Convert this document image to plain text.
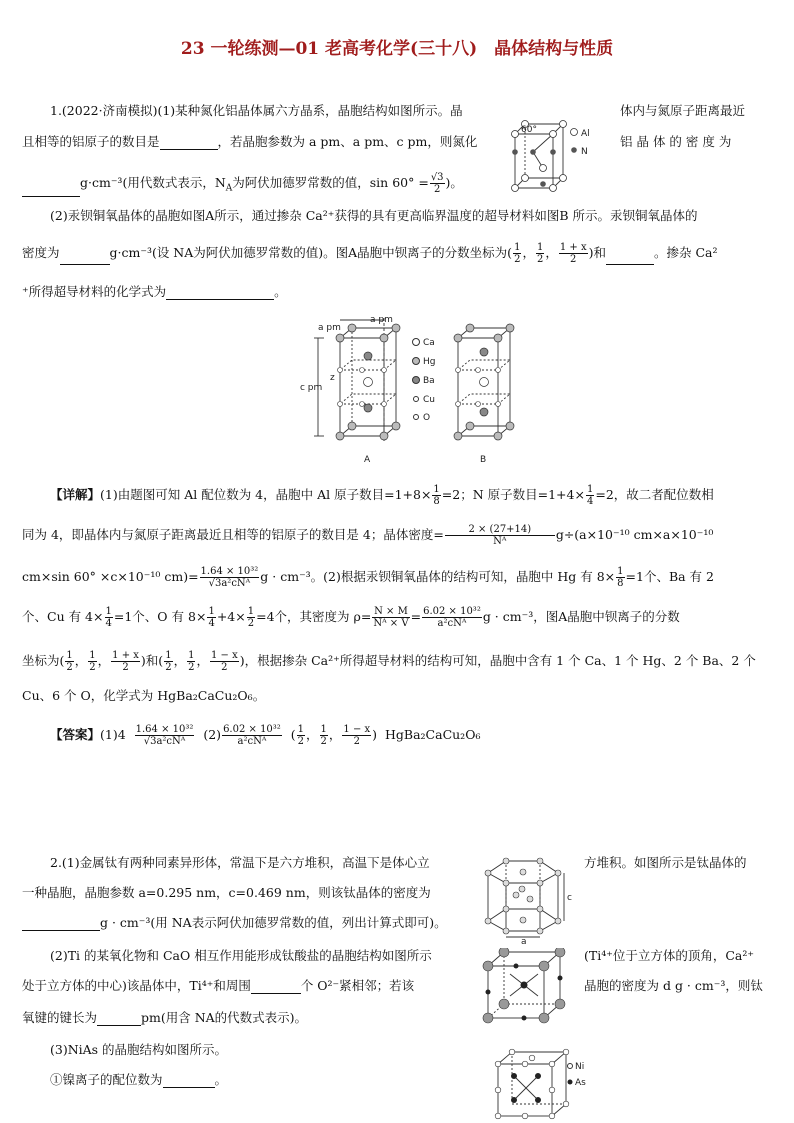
23 一轮练测—01 老高考化学(三十八)　晶体结构与性质
1.(2022·济南模拟)(1)某种氮化铝晶体属六方晶系，晶胞结构如图所示。晶	体内与氮原子距离最近
且相等的铝原子的数目是	，若晶胞参数为 a pm、a pm、c pm，则氮化	铝 晶 体 的 密 度 为
g·cm⁻³(用代数式表示，$N_A$为阿伏加德罗常数的值，$\sin 60^\circ = \frac{√3}{2}$ )。
60°	Al
N
(2)汞钡铜氧晶体的晶胞如图A所示，通过掺杂 Ca²⁺获得的具有更高临界温度的超导材料如图B 所示。汞钡铜氧晶体的
密度为	g·cm⁻³(设 NA为阿伏加德罗常数的值)。图A晶胞中钡离子的分数坐标为( $\frac{1}{2}$ ， $\frac{1}{2}$ ， $\frac{1 + x}{2}$ )和	。掺杂 Ca²
⁺所得超导材料的化学式为	。
a pm
a pm
c pm
z
A	B
Ca
Hg
Ba
Cu
O
【详解】(1)由题图可知 Al 配位数为 4，晶胞中 Al 原子数目$=1+8\times \frac{1}{8} =2$；N 原子数目$=1+4\times \frac{1}{4} =2$，故二者配位数相
同为 4，即晶体内与氮原子距离最近且相等的铝原子的数目是 4；晶体密度= $\frac{2 \times (27+14)}{\text{Nᴬ}} g\div(a\times 10^{-10}$ cm×a×10⁻¹⁰
cm×sin 60° ×c×10⁻¹⁰ $cm)= \frac{\text{1.64 × 10³²}}{\text{√3a²cNᴬ}}$ g · cm⁻³。(2)根据汞钡铜氧晶体的结构可知，晶胞中 Hg 有 $8\times \frac{1}{8} =1$个、Ba 有 2
个、Cu 有 $4\times \frac{1}{4} =1$个、O 有 $8\times \frac{1}{4} +4\times \frac{1}{2} =4$个，其密度为 $\rho= \frac{N \times M}{\text{Nᴬ × V}} = \frac{\text{6.02 × 10³²}}{\text{a²cNᴬ}}$ g · cm⁻³，图A晶胞中钡离子的分数
坐标为( $\frac{1}{2}$ ， $\frac{1}{2}$ ， $\frac{1 + x}{2}$ )和( $\frac{1}{2}$ ， $\frac{1}{2}$ ， $\frac{1 - x}{2}$ )，根据掺杂 Ca²⁺所得超导材料的结构可知，晶胞中含有 1 个 Ca、1 个 Hg、2 个 Ba、2 个
Cu、6 个 O，化学式为 HgBa₂CaCu₂O₆。
【答案】$(1)4 \frac{\text{1.64 × 10³²}}{\text{√3a²cNᴬ}} (2) \frac{\text{6.02 × 10³²}}{\text{a²cNᴬ}}$ ( $\frac{1}{2}$ ， $\frac{1}{2}$ ， $\frac{1 - x}{2}$ )  HgBa₂CaCu₂O₆
2.(1)金属钛有两种同素异形体，常温下是六方堆积，高温下是体心立	方堆积。如图所示是钛晶体的
一种晶胞，晶胞参数 a=0.295 nm，c=0.469 nm，则该钛晶体的密度为
g · cm⁻³(用 NA表示阿伏加德罗常数的值，列出计算式即可)。
(2)Ti 的某氧化物和 CaO 相互作用能形成钛酸盐的晶胞结构如图所示	(Ti⁴⁺位于立方体的顶角，Ca²⁺
处于立方体的中心)该晶体中，Ti⁴⁺和周围	个 O²⁻紧相邻；若该	晶胞的密度为 d g · cm⁻³，则钛
氧键的键长为	pm(用含 NA的代数式表示)。
(3)NiAs 的晶胞结构如图所示。
①镍离子的配位数为	。
c
a
Ni
As
